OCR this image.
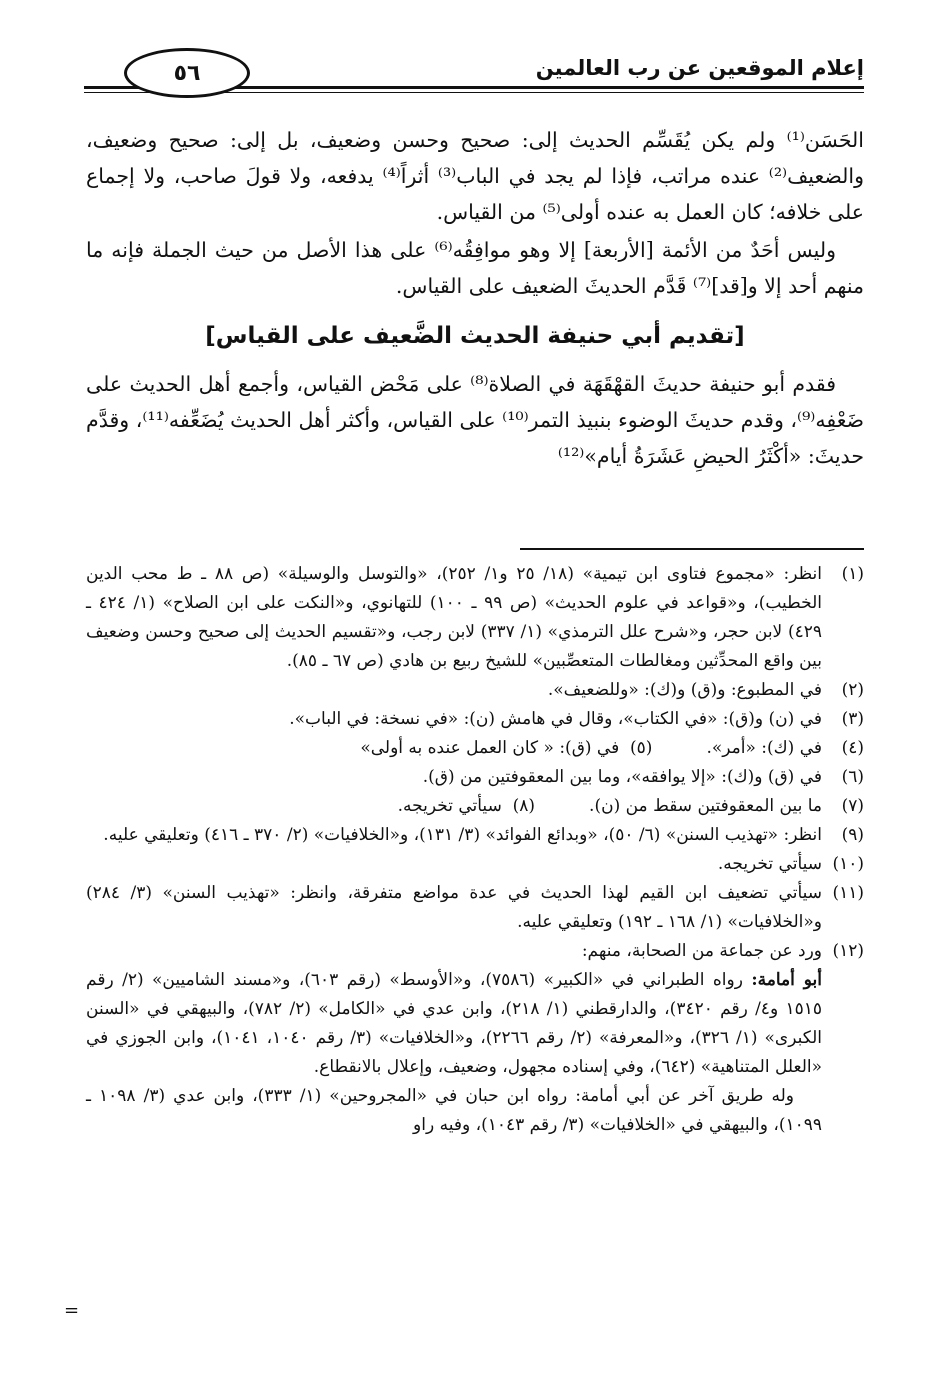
٥٦	إعلام الموقعين عن رب العالمين

الحَسَن⁽¹⁾ ولم يكن يُقَسِّم الحديث إلى: صحيح وحسن وضعيف، بل إلى: صحيح وضعيف، والضعيف⁽²⁾ عنده مراتب، فإذا لم يجد في الباب⁽³⁾ أثراً⁽⁴⁾ يدفعه، ولا قولَ صاحب، ولا إجماع على خلافه؛ كان العمل به عنده أولى⁽⁵⁾ من القياس.

وليس أحَدٌ من الأئمة [الأربعة] إلا وهو موافِقُه⁽⁶⁾ على هذا الأصل من حيث الجملة فإنه ما منهم أحد إلا و[قد]⁽⁷⁾ قَدَّم الحديثَ الضعيف على القياس.

[تقديم أبي حنيفة الحديث الضَّعيف على القياس]

فقدم أبو حنيفة حديثَ القهْقَهَة في الصلاة⁽⁸⁾ على مَحْض القياس، وأجمع أهل الحديث على ضَعْفِه⁽⁹⁾، وقدم حديثَ الوضوء بنبيذ التمر⁽¹⁰⁾ على القياس، وأكثر أهل الحديث يُضَعِّفه⁽¹¹⁾، وقدَّم حديثَ: «أكْثَرُ الحيضِ عَشَرَةُ أيام»⁽¹²⁾

(١)
انظر: «مجموع فتاوى ابن تيمية» (١٨/ ٢٥ و١/ ٢٥٢)، «والتوسل والوسيلة» (ص ٨٨ ـ ط محب الدين الخطيب)، و«قواعد في علوم الحديث» (ص ٩٩ ـ ١٠٠) للتهانوي، و«النكت على ابن الصلاح» (١/ ٤٢٤ ـ ٤٢٩) لابن حجر، و«شرح علل الترمذي» (١/ ٣٣٧) لابن رجب، و«تقسيم الحديث إلى صحيح وحسن وضعيف بين واقع المحدِّثين ومغالطات المتعصِّبين» للشيخ ربيع بن هادي (ص ٦٧ ـ ٨٥).
(٢)
في المطبوع: و(ق) و(ك): «وللضعيف».
(٣)
في (ن) و(ق): «في الكتاب»، وقال في هامش (ن): «في نسخة: في الباب».
(٤)
في (ك): «أمر».          (٥)  في (ق): « كان العمل عنده به أولى»
(٦)
في (ق) و(ك): «إلا يوافقه»، وما بين المعقوفتين من (ق).
(٧)
ما بين المعقوفتين سقط من (ن).          (٨)  سيأتي تخريجه.
(٩)
انظر: «تهذيب السنن» (٦/ ٥٠)، «وبدائع الفوائد» (٣/ ١٣١)، و«الخلافيات» (٢/ ٣٧٠ ـ ٤١٦) وتعليقي عليه.
(١٠)
سيأتي تخريجه.
(١١)
سيأتي تضعيف ابن القيم لهذا الحديث في عدة مواضع متفرقة، وانظر: «تهذيب السنن» (٣/ ٢٨٤) و«الخلافيات» (١/ ١٦٨ ـ ١٩٢) وتعليقي عليه.
(١٢)
ورد عن جماعة من الصحابة، منهم:
أبو أمامة: رواه الطبراني في «الكبير» (٧٥٨٦)، و«الأوسط» (رقم ٦٠٣)، و«مسند الشاميين» (٢/ رقم ١٥١٥ و٤/ رقم ٣٤٢٠)، والدارقطني (١/ ٢١٨)، وابن عدي في «الكامل» (٢/ ٧٨٢)، والبيهقي في «السنن الكبرى» (١/ ٣٢٦)، و«المعرفة» (٢/ رقم ٢٢٦٦)، و«الخلافيات» (٣/ رقم ١٠٤٠، ١٠٤١)، وابن الجوزي في «العلل المتناهية» (٦٤٢)، وفي إسناده مجهول، وضعيف، وإعلال بالانقطاع.
وله طريق آخر عن أبي أمامة: رواه ابن حبان في «المجروحين» (١/ ٣٣٣)، وابن عدي (٣/ ١٠٩٨ ـ ١٠٩٩)، والبيهقي في «الخلافيات» (٣/ رقم ١٠٤٣)، وفيه راو
=
